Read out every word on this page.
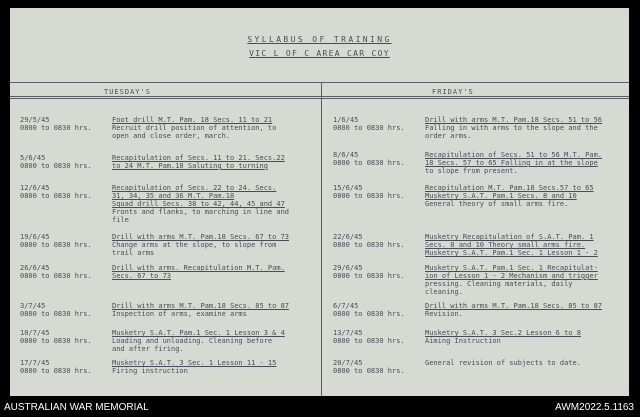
SYLLABUS OF TRAINING
VIC L OF C AREA CAR COY
TUESDAY'S	FRIDAY'S
29/5/45
0800 to 0830 hrs.
Foot drill M.T. Pam. 18 Secs. 11 to 21
Recruit drill position of attention, to
open and close order, march.
5/6/45
0800 to 0830 hrs.
Recapitulation of Secs. 11 to 21. Secs.22
to 24 M.T. Pam.18 Saluting to turning
12/6/45
0800 to 0830 hrs.
Recapitulation of Secs. 22 to 24. Secs.
31, 34, 35 and 36 M.T. Pam.18
Squad drill Secs. 38 to 42, 44, 45 and 47
Fronts and flanks, to marching in line and
file
19/6/45
0800 to 0830 hrs.
Drill with arms M.T. Pam.18 Secs. 67 to 73
Change arms at the slope, to slope from
trail arms
26/6/45
0800 to 0830 hrs.
Drill with arms. Recapitulation M.T. Pam.
Secs. 67 to 73
3/7/45
0800 to 0830 hrs.
Drill with arms M.T. Pam.18 Secs. 85 to 87
Inspection of arms, examine arms
10/7/45
0800 to 0830 hrs.
Musketry S.A.T. Pam.1 Sec. 1 Lesson 3 & 4
Loading and unloading. Cleaning before
and after firing.
17/7/45
0800 to 0830 hrs.
Musketry S.A.T. 3 Sec. 1 Lesson 11 - 15
Firing instruction
1/6/45
0800 to 0830 hrs.
Drill with arms M.T. Pam.18 Secs. 51 to 56
Falling in with arms to the slope and the
order arms.
8/6/45
0800 to 0830 hrs.
Recapitulation of Secs. 51 to 56 M.T. Pam.
18 Secs. 57 to 65 Falling in at the slope
to slope from present.
15/6/45
0800 to 0830 hrs.
Recapitulation M.T. Pam.18 Secs.57 to 65
Musketry S.A.T. Pam.1 Secs. 8 and 10
General theory of small arms fire.
22/6/45
0800 to 0830 hrs.
Musketry Recapitulation of S.A.T. Pam. 1
Secs. 8 and 10 Theory small arms fire.
Musketry S.A.T. Pam.1 Sec. 1 Lesson 1 - 2
29/6/45
0800 to 0830 hrs.
Musketry S.A.T. Pam.1 Sec. 1 Recapitulat-
ion of Lesson 1 - 2 Mechanism and trigger
pressing. Cleaning materials, daily
cleaning.
6/7/45
0800 to 0830 hrs.
Drill with arms M.T. Pam.18 Secs. 85 to 87
Revision.
13/7/45
0800 to 0830 hrs.
Musketry S.A.T. 3 Sec.2 Lesson 6 to 8
Aiming Instruction
20/7/45
0800 to 0830 hrs.
General revision of subjects to date.
AUSTRALIAN WAR MEMORIAL	AWM2022.5.1163
